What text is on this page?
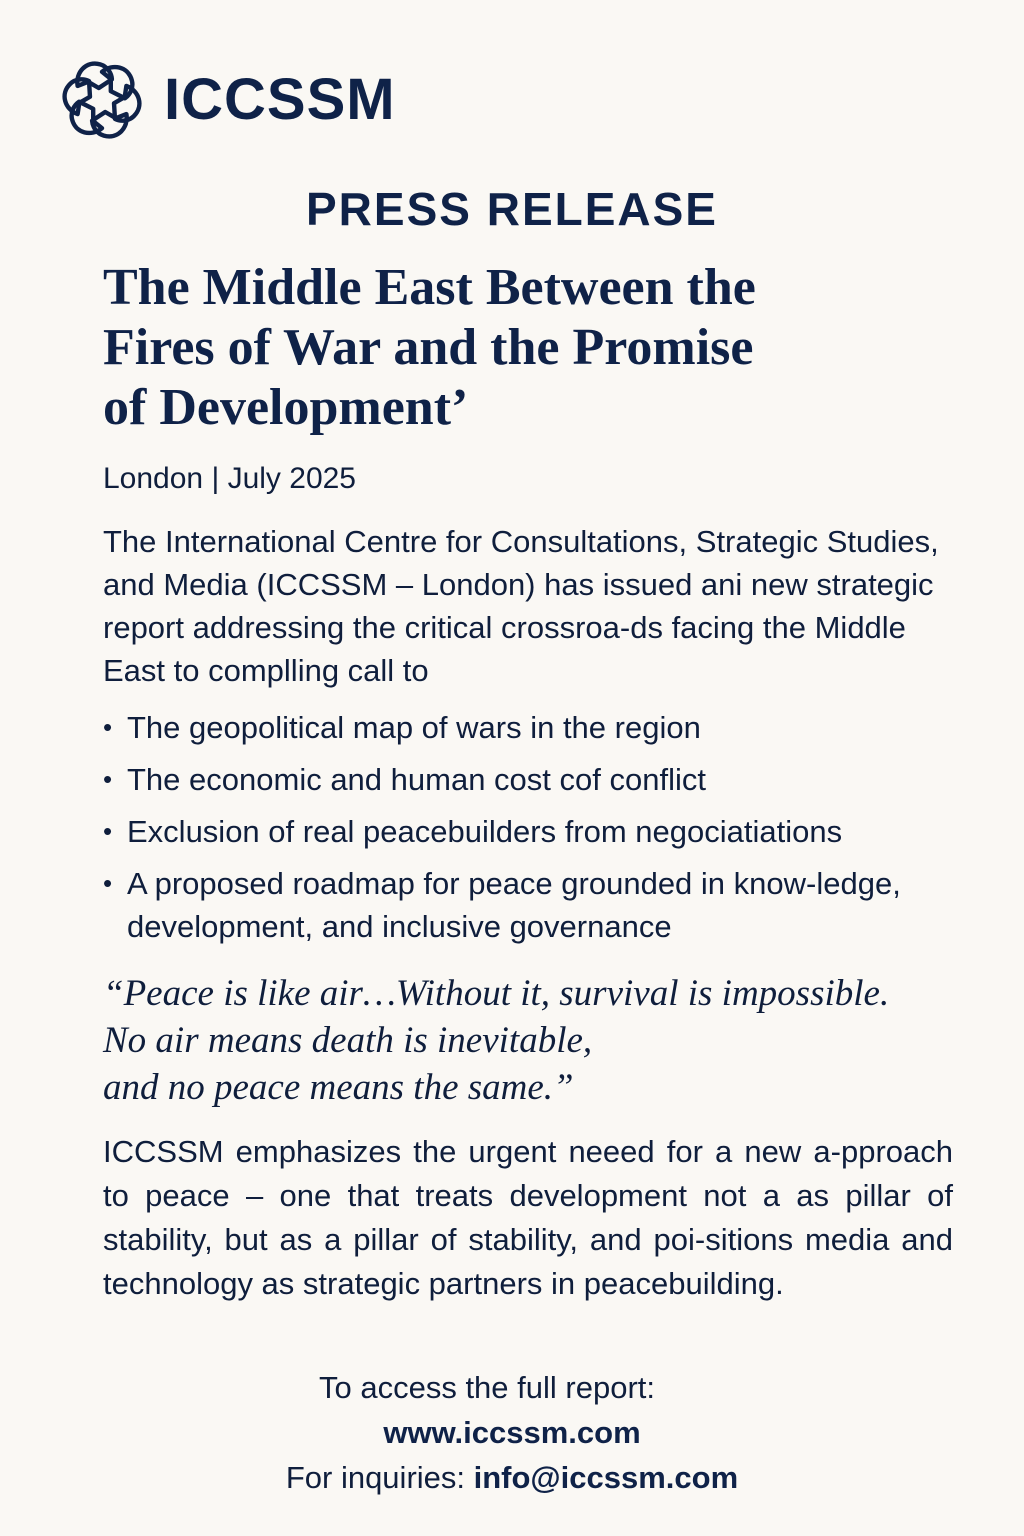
ICCSSM
PRESS RELEASE
The Middle East Between the
Fires of War and the Promise
of Development’
London | July 2025

The International Centre for Consultations, Strategic Studies, and Media (ICCSSM – London) has issued ani new strategic report addressing the critical crossroa-ds facing the Middle East to complling call to

• The geopolitical map of wars in the region
• The economic and human cost cof conflict
• Exclusion of real peacebuilders from negociatiations
• A proposed roadmap for peace grounded in know-ledge, development, and inclusive governance
“Peace is like air…Without it, survival is impossible.
No air means death is inevitable,
and no peace means the same.”

ICCSSM emphasizes the urgent neeed for a new a-pproach to peace – one that treats development not a as pillar of stability, but as a pillar of stability, and poi-sitions media and technology as strategic partners in peacebuilding.

To access the full report:
www.iccssm.com
For inquiries: info@iccssm.com
